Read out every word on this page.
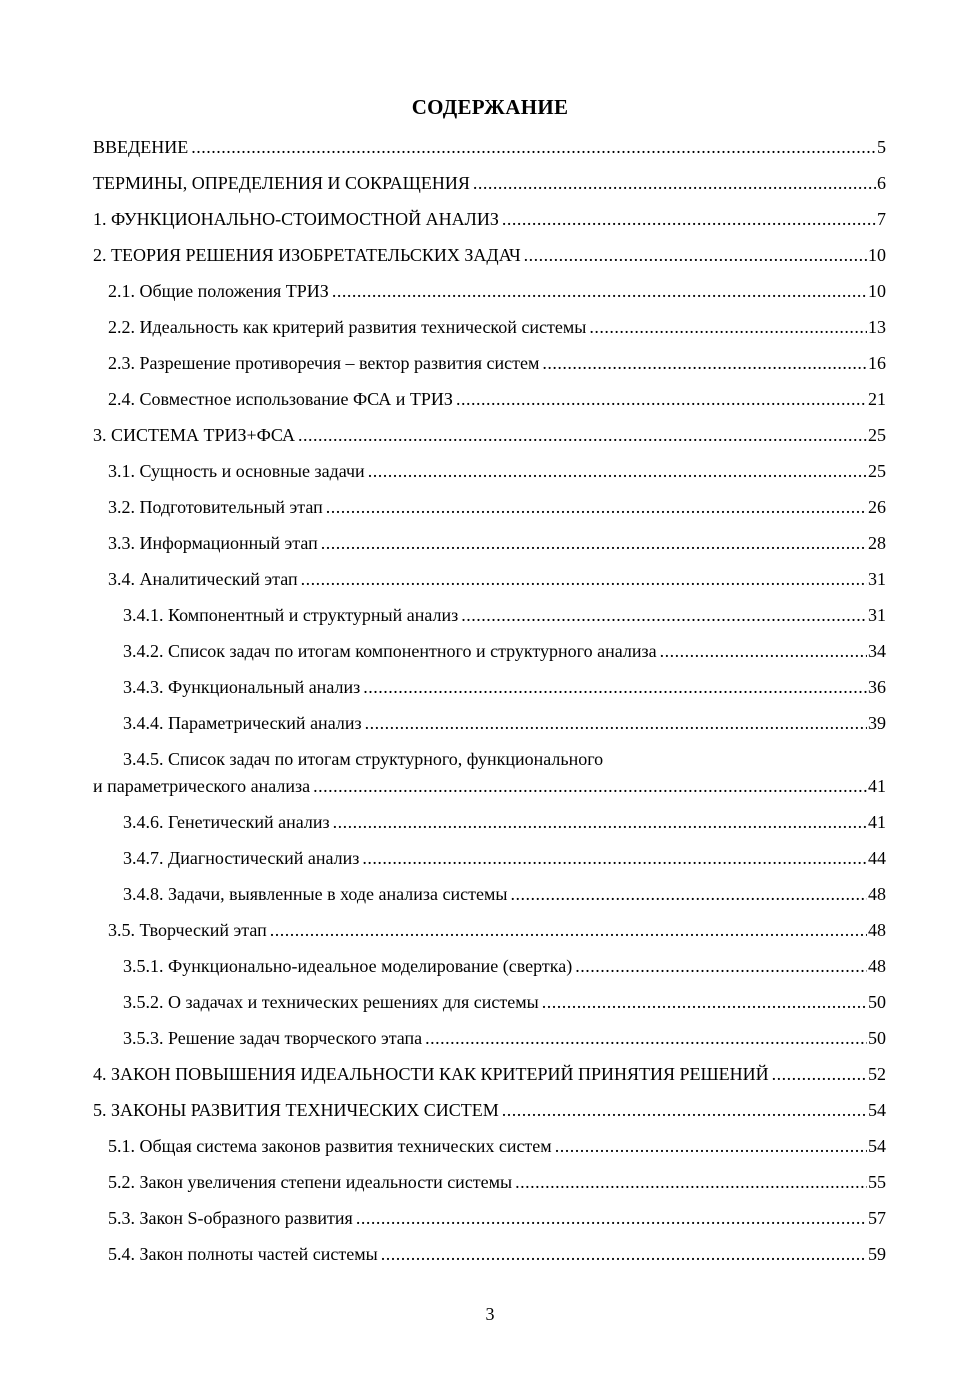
СОДЕРЖАНИЕ
ВВЕДЕНИЕ .....	5
ТЕРМИНЫ, ОПРЕДЕЛЕНИЯ И СОКРАЩЕНИЯ .....	6
1. ФУНКЦИОНАЛЬНО-СТОИМОСТНОЙ АНАЛИЗ .....	7
2. ТЕОРИЯ РЕШЕНИЯ ИЗОБРЕТАТЕЛЬСКИХ ЗАДАЧ .....	10
2.1. Общие положения ТРИЗ .....	10
2.2. Идеальность как критерий развития технической системы .....	13
2.3. Разрешение противоречия – вектор развития систем .....	16
2.4. Совместное использование ФСА и ТРИЗ .....	21
3. СИСТЕМА ТРИЗ+ФСА .....	25
3.1. Сущность и основные задачи .....	25
3.2. Подготовительный этап .....	26
3.3. Информационный этап .....	28
3.4. Аналитический этап .....	31
3.4.1. Компонентный и структурный анализ .....	31
3.4.2. Список задач по итогам компонентного и структурного анализа .....	34
3.4.3. Функциональный анализ .....	36
3.4.4. Параметрический анализ .....	39
3.4.5. Список задач по итогам структурного, функционального
и параметрического анализа .....	41
3.4.6. Генетический анализ .....	41
3.4.7. Диагностический анализ .....	44
3.4.8. Задачи, выявленные в ходе анализа системы .....	48
3.5. Творческий этап .....	48
3.5.1. Функционально-идеальное моделирование (свертка) .....	48
3.5.2. О задачах и технических решениях для системы .....	50
3.5.3. Решение задач творческого этапа .....	50
4. ЗАКОН ПОВЫШЕНИЯ ИДЕАЛЬНОСТИ КАК КРИТЕРИЙ ПРИНЯТИЯ РЕШЕНИЙ .....	52
5. ЗАКОНЫ РАЗВИТИЯ ТЕХНИЧЕСКИХ СИСТЕМ .....	54
5.1. Общая система законов развития технических систем .....	54
5.2. Закон увеличения степени идеальности системы .....	55
5.3. Закон S-образного развития .....	57
5.4. Закон полноты частей системы .....	59
3
